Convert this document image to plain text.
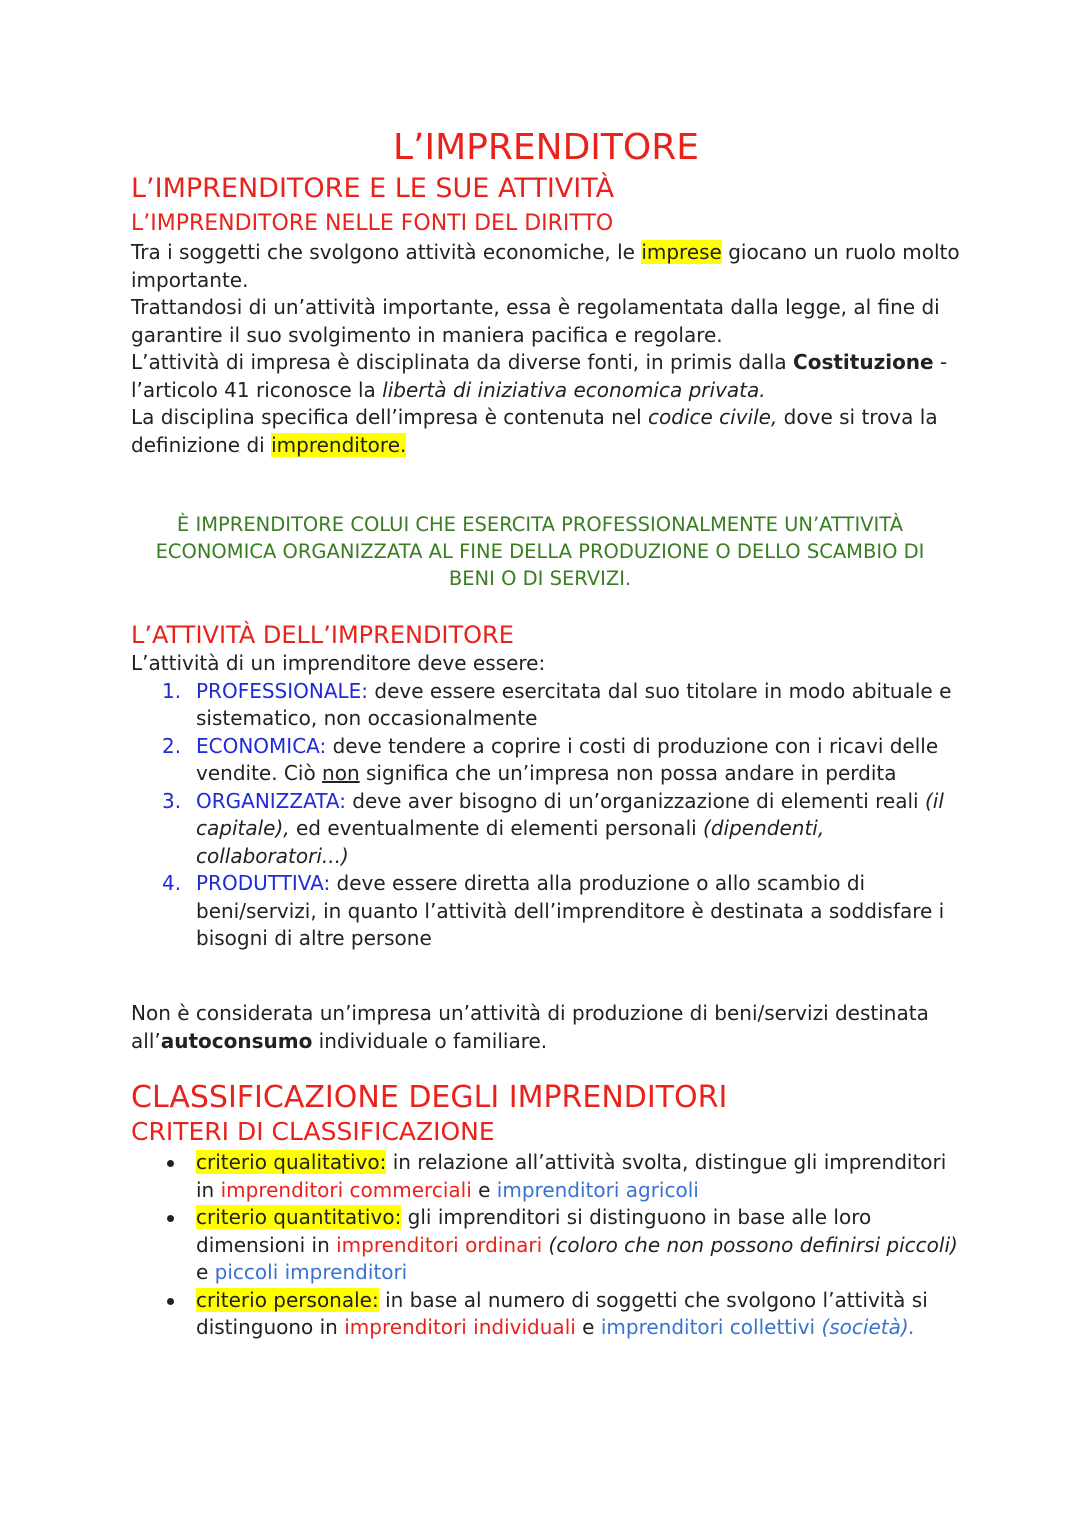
L’IMPRENDITORE
L’IMPRENDITORE E LE SUE ATTIVITÀ
L’IMPRENDITORE NELLE FONTI DEL DIRITTO

Tra i soggetti che svolgono attività economiche, le imprese giocano un ruolo molto importante.

Trattandosi di un’attività importante, essa è regolamentata dalla legge, al fine di garantire il suo svolgimento in maniera pacifica e regolare.

L’attività di impresa è disciplinata da diverse fonti, in primis dalla Costituzione - l’articolo 41 riconosce la libertà di iniziativa economica privata.

La disciplina specifica dell’impresa è contenuta nel codice civile, dove si trova la definizione di imprenditore.

È IMPRENDITORE COLUI CHE ESERCITA PROFESSIONALMENTE UN’ATTIVITÀ ECONOMICA ORGANIZZATA AL FINE DELLA PRODUZIONE O DELLO SCAMBIO DI BENI O DI SERVIZI.
L’ATTIVITÀ DELL’IMPRENDITORE

L’attività di un imprenditore deve essere:

1. PROFESSIONALE: deve essere esercitata dal suo titolare in modo abituale e sistematico, non occasionalmente
2. ECONOMICA: deve tendere a coprire i costi di produzione con i ricavi delle vendite. Ciò non significa che un’impresa non possa andare in perdita
3. ORGANIZZATA: deve aver bisogno di un’organizzazione di elementi reali (il capitale), ed eventualmente di elementi personali (dipendenti, collaboratori...)
4. PRODUTTIVA: deve essere diretta alla produzione o allo scambio di beni/servizi, in quanto l’attività dell’imprenditore è destinata a soddisfare i bisogni di altre persone

Non è considerata un’impresa un’attività di produzione di beni/servizi destinata all’autoconsumo individuale o familiare.

CLASSIFICAZIONE DEGLI IMPRENDITORI
CRITERI DI CLASSIFICAZIONE
criterio qualitativo: in relazione all’attività svolta, distingue gli imprenditori in imprenditori commerciali e imprenditori agricoli
criterio quantitativo: gli imprenditori si distinguono in base alle loro dimensioni in imprenditori ordinari (coloro che non possono definirsi piccoli) e piccoli imprenditori
criterio personale: in base al numero di soggetti che svolgono l’attività si distinguono in imprenditori individuali e imprenditori collettivi (società).
